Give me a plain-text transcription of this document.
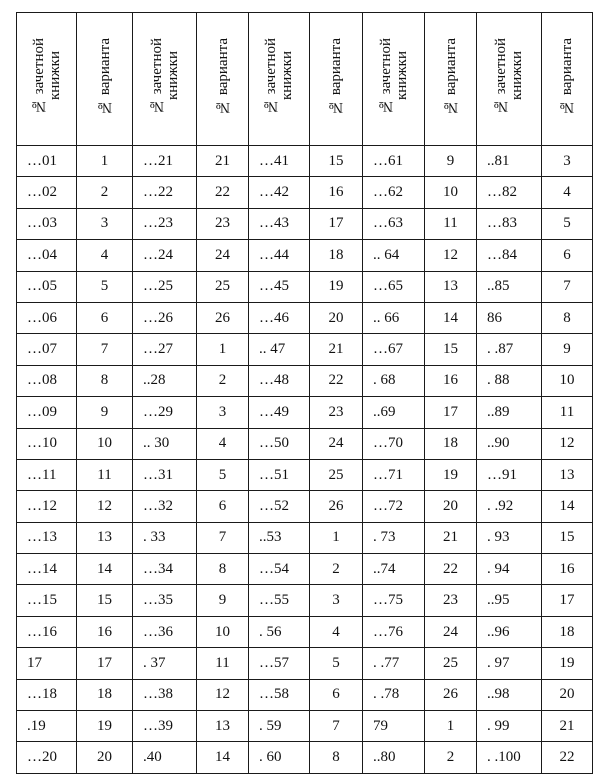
№ зачетной
книжки	№ варианта	№ зачетной
книжки	№ варианта	№ зачетной
книжки	№ варианта	№ зачетной
книжки	№ варианта	№ зачетной
книжки	№ варианта
…01	1	…21	21	…41	15	…61	9	..81	3
…02	2	…22	22	…42	16	…62	10	…82	4
…03	3	…23	23	…43	17	…63	11	…83	5
…04	4	…24	24	…44	18	.. 64	12	…84	6
…05	5	…25	25	…45	19	…65	13	..85	7
…06	6	…26	26	…46	20	.. 66	14	86	8
…07	7	…27	1	.. 47	21	…67	15	. .87	9
…08	8	..28	2	…48	22	. 68	16	. 88	10
…09	9	…29	3	…49	23	..69	17	..89	11
…10	10	.. 30	4	…50	24	…70	18	..90	12
…11	11	…31	5	…51	25	…71	19	…91	13
…12	12	…32	6	…52	26	…72	20	. .92	14
…13	13	. 33	7	..53	1	. 73	21	. 93	15
…14	14	…34	8	…54	2	..74	22	. 94	16
…15	15	…35	9	…55	3	…75	23	..95	17
…16	16	…36	10	. 56	4	…76	24	..96	18
17	17	. 37	11	…57	5	. .77	25	. 97	19
…18	18	…38	12	…58	6	. .78	26	..98	20
.19	19	…39	13	. 59	7	79	1	. 99	21
…20	20	.40	14	. 60	8	..80	2	. .100	22
